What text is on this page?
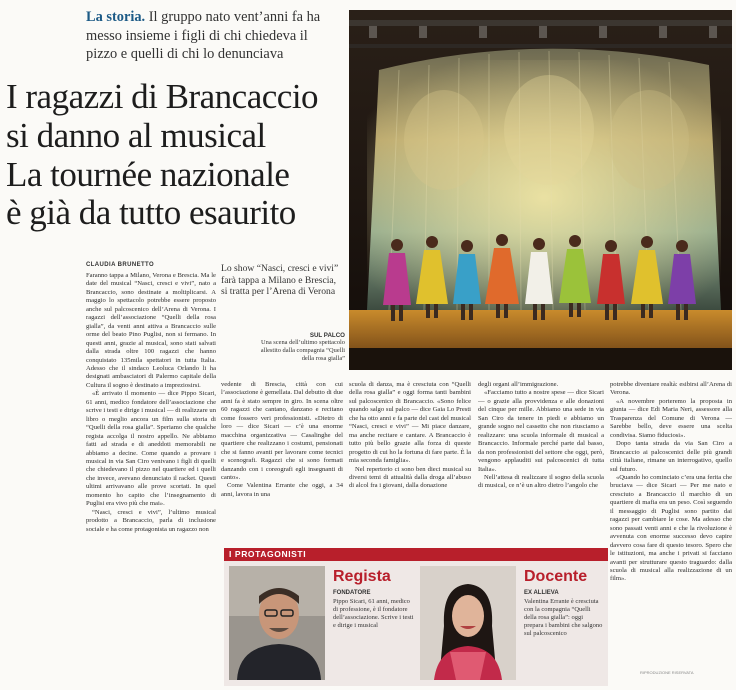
La storia. Il gruppo nato vent’anni fa ha messo insieme i figli di chi chiedeva il pizzo e quelli di chi lo denunciava
I ragazzi di Brancaccio
si danno al musical
La tournée nazionale
è già da tutto esaurito
CLAUDIA BRUNETTO	Lo show “Nasci, cresci e vivi” farà tappa a Milano e Brescia, si tratta per l’Arena di Verona
SUL PALCO
Una scena dell’ultimo spettacolo allestito dalla compagnia “Quelli della rosa gialla”

Faranno tappa a Milano, Verona e Brescia. Ma le date del musical “Nasci, cresci e vivi”, nato a Brancaccio, sono destinate a moltiplicarsi. A maggio lo spettacolo potrebbe essere proposto anche sul palcoscenico dell’Arena di Verona. I ragazzi dell’associazione “Quelli della rosa gialla”, da venti anni attiva a Brancaccio sulle orme del beato Pino Puglisi, non si fermano. In questi anni, grazie al musical, sono stati salvati dalla strada oltre 100 ragazzi che hanno conquistato 135mila spettatori in tutta Italia. Adesso che il sindaco Leoluca Orlando li ha designati ambasciatori di Palermo capitale della Cultura il sogno è destinato a impreziosirsi.

«È arrivato il momento — dice Pippo Sicari, 61 anni, medico fondatore dell’associazione che scrive i testi e dirige i musical — di realizzare un libro o meglio ancora un film sulla storia di “Quelli della rosa gialla”. Speriamo che qualche regista accolga il nostro appello. Ne abbiamo fatti ad strada e di aneddoti memorabili ne abbiamo a decine. Come quando a provare i musical in via San Ciro venivano i figli di quelli che chiedevano il pizzo nel quartiere ed i quelli che invece, avevano denunciato il racket. Questi ultimi arrivavano alle prove scortati. In quel momento ho capito che l’insegnamento di Puglisi era vivo più che mai».

“Nasci, cresci e vivi”, l’ultimo musical prodotto a Brancaccio, parla di inclusione sociale e ha come protagonista un ragazzo non

vedente di Brescia, città con cui l’associazione è gemellata. Dal debutto di due anni fa è stato sempre in giro. In scena oltre 60 ragazzi che cantano, danzano e recitano come fossero veri professionisti. «Dietro di loro — dice Sicari — c’è una enorme macchina organizzativa — Casalinghe del quartiere che realizzano i costumi, pensionati che si fanno avanti per lavorare come tecnici e scenografi. Ragazzi che si sono formati danzando con i coreografi egli insegnanti di canto».

Come Valentina Errante che oggi, a 34 anni, lavora in una

scuola di danza, ma è cresciuta con “Quelli della rosa gialla” e oggi forma tanti bambini sul palcoscenico di Brancaccio. «Sono felice quando salgo sul palco — dice Gaia Lo Presti che ha otto anni e fa parte del cast del musical “Nasci, cresci e vivi” — Mi piace danzare, ma anche recitare e cantare. A Brancaccio è tutto più bello grazie alla forza di queste progetto di cui ho la fortuna di fare parte. È la mia seconda famiglia».

Nel repertorio ci sono ben dieci musical su diversi temi di attualità dalla droga all’abuso di alcol fra i giovani, dalla donazione

degli organi all’immigrazione.

«Facciamo tutto a nostre spese — dice Sicari — o grazie alla provvidenza e alle donazioni del cinque per mille. Abbiamo una sede in via San Ciro da tenere in piedi e abbiamo un grande sogno nel cassetto che non riusciamo a realizzare: una scuola informale di musical a Brancaccio. Informale perché parte dal basso, da non professionisti del settore che oggi, però, vengono applauditi sui palcoscenici di tutta Italia».

Nell’attesa di realizzare il sogno della scuola di musical, ce n’è un altro dietro l’angolo che

potrebbe diventare realtà: esibirsi all’Arena di Verona.

«A novembre porteremo la proposta in giunta — dice Edi Maria Neri, assessore alla Trasparenza del Comune di Verona — Sarebbe bello, deve essere una scelta condivisa. Siamo fiduciosi».

Dopo tanta strada da via San Ciro a Brancaccio ai palcoscenici delle più grandi città italiane, rimane un interrogativo, quello sul futuro.

«Quando ho cominciato c’era una ferita che bruciava — dice Sicari — Per me nato e cresciuto a Brancaccio il marchio di un quartiere di mafia era un peso. Così seguendo il messaggio di Puglisi sono partito dai ragazzi per cambiare le cose. Ma adesso che sono passati venti anni e che la rivoluzione è avvenuta con enorme successo devo capire davvero cosa fare di questo tesoro. Spero che le istituzioni, ma anche i privati si facciano avanti per strutturare questo traguardo: dalla scuola di musical alla realizzazione di un film».

I PROTAGONISTI
Regista
FONDATORE
Pippo Sicari, 61 anni, medico di professione, è il fondatore dell’associazione. Scrive i testi e dirige i musical
Docente
EX ALLIEVA
Valentina Errante è cresciuta con la compagnia “Quelli della rosa gialla”: oggi prepara i bambini che salgono sul palcoscenico
RIPRODUZIONE RISERVATA
